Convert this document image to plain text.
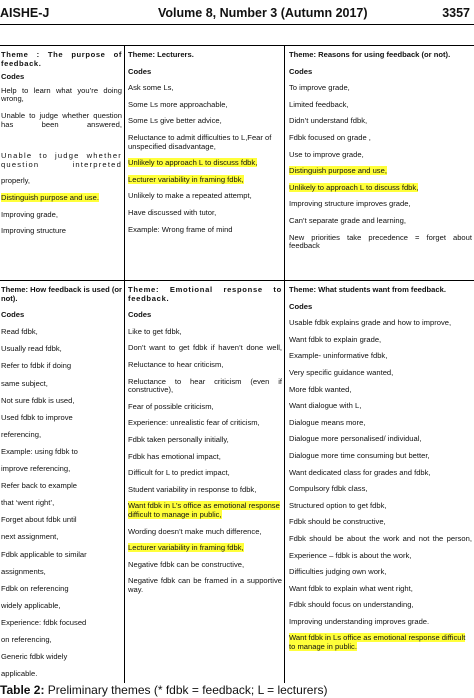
AISHE-J	Volume 8, Number 3 (Autumn 2017)	3357
Theme : The purpose of feedback.
Codes
Help to learn what you’re doing wrong,
Unable to judge whether question has been answered,
Unable to judge whether question interpreted
properly,
Distinguish purpose and use.
Improving grade,
Improving structure
Theme: Lecturers.
Codes
Ask some Ls,
Some Ls more approachable,
Some Ls give better advice,
Reluctance to admit difficulties to L,Fear of unspecified disadvantage,
Unlikely to approach L to discuss fdbk,
Lecturer variability in framing fdbk,
Unlikely to make a repeated attempt,
Have discussed with tutor,
Example: Wrong frame of mind
Theme: Reasons for using feedback (or not).
Codes
To improve grade,
Limited feedback,
Didn’t understand fdbk,
Fdbk focused on grade ,
Use to improve grade,
Distinguish purpose and use,
Unlikely to approach L to discuss fdbk,
Improving structure improves grade,
Can’t separate grade and learning,
New priorities take precedence = forget about feedback
Theme: How feedback is used (or not).
Codes
Read fdbk,
Usually read fdbk,
Refer to fdbk if doing
same subject,
Not sure fdbk is used,
Used fdbk to improve
referencing,
Example: using fdbk to
improve referencing,
Refer back to example
that ‘went right’,
Forget about fdbk until
next assignment,
Fdbk applicable to similar
assignments,
Fdbk on referencing
widely applicable,
Experience: fdbk focused
on referencing,
Generic fdbk widely
applicable.
Theme: Emotional response to feedback.
Codes
Like to get fdbk,
Don’t want to get fdbk if haven’t done well,
Reluctance to hear criticism,
Reluctance to hear criticism (even if constructive),
Fear of possible criticism,
Experience: unrealistic fear of criticism,
Fdbk taken personally initially,
Fdbk has emotional impact,
Difficult for L to predict impact,
Student variability in response to fdbk,
Want fdbk in L’s office as emotional response difficult to manage in public,
Wording doesn’t make much difference,
Lecturer variability in framing fdbk,
Negative fdbk can be constructive,
Negative fdbk can be framed in a supportive way.
Theme: What students want from feedback.
Codes
Usable fdbk explains grade and how to improve,
Want fdbk to explain grade,
Example- uninformative fdbk,
Very specific guidance wanted,
More fdbk wanted,
Want dialogue with L,
Dialogue means more,
Dialogue more personalised/ individual,
Dialogue more time consuming but better,
Want dedicated class for grades and fdbk,
Compulsory fdbk class,
Structured option to get fdbk,
Fdbk should be constructive,
Fdbk should be about the work and not the person,
Experience – fdbk is about the work,
Difficulties judging own work,
Want fdbk to explain what went right,
Fdbk should focus on understanding,
Improving understanding improves grade.
Want fdbk in Ls office as emotional response difficult to manage in public.
Table 2: Preliminary themes (* fdbk = feedback; L = lecturers)
